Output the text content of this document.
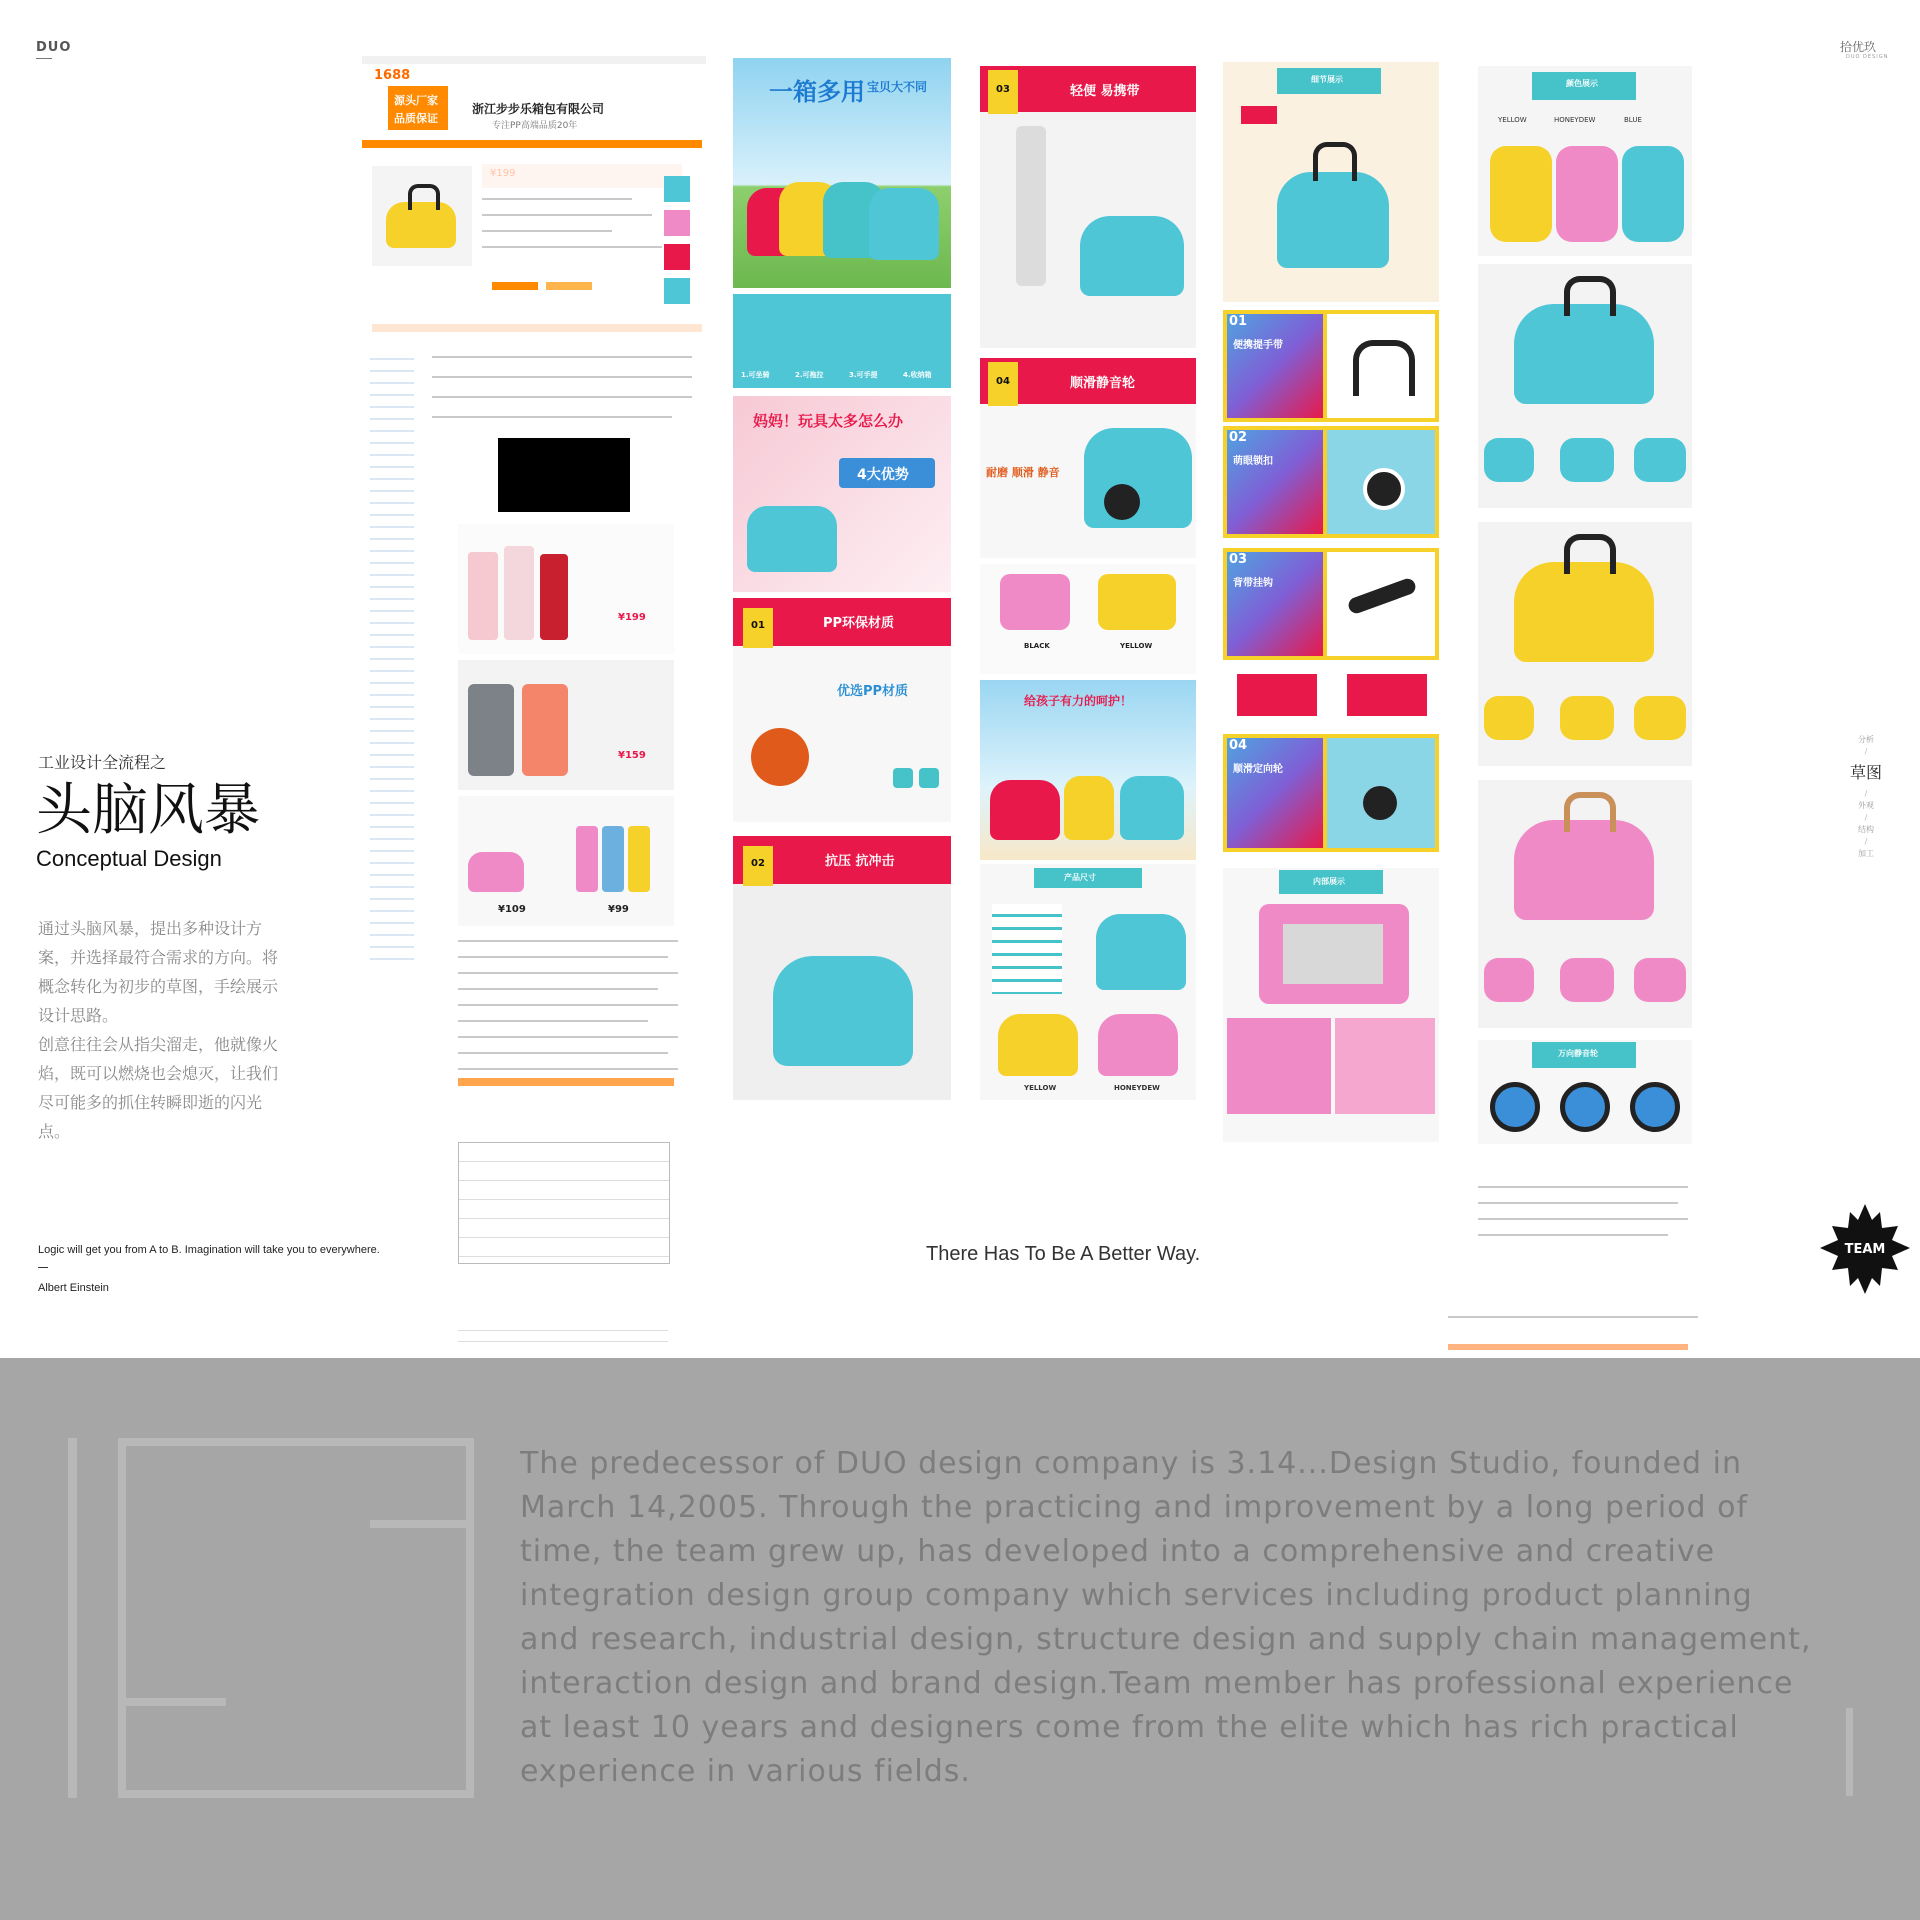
DUO	拾优玖
DUO DESIGN
工业设计全流程之
头脑风暴
Conceptual Design

通过头脑风暴，提出多种设计方案，并选择最符合需求的方向。将概念转化为初步的草图，手绘展示设计思路。

创意往往会从指尖溜走，他就像火焰，既可以燃烧也会熄灭，让我们尽可能多的抓住转瞬即逝的闪光点。

Logic will get you from A to B. Imagination will take you to everywhere.
Albert Einstein
There Has To Be A Better Way.
分析
/
草图
/
外观
/
结构
/
加工
TEAM
1688
源头厂家
品质保证
浙江步步乐箱包有限公司
专注PP高端品质20年
¥199
¥159
¥109	¥99
一箱多用 宝贝大不同
1.可坐骑	2.可拖拉	3.可手提	4.收纳箱
妈妈！玩具太多怎么办
4大优势
01	PP环保材质
优选PP材质
02	抗压 抗冲击
03	轻便 易携带
04	顺滑静音轮
耐磨 顺滑 静音
BLACK	YELLOW
给孩子有力的呵护！
产品尺寸
YELLOW	HONEYDEW
细节展示
01
便携提手带
02
萌眼锁扣
03
背带挂钩
04
顺滑定向轮
内部展示
颜色展示
YELLOW	HONEYDEW	BLUE
万向静音轮
The predecessor of DUO design company is 3.14...Design Studio, founded in March 14,2005. Through the practicing and improvement by a long period of time, the team grew up, has developed into a comprehensive and creative integration design group company which services including product planning and research, industrial design, structure design and supply chain management, interaction design and brand design.Team member has professional experience at least 10 years and designers come from the elite which has rich practical experience in various fields.
